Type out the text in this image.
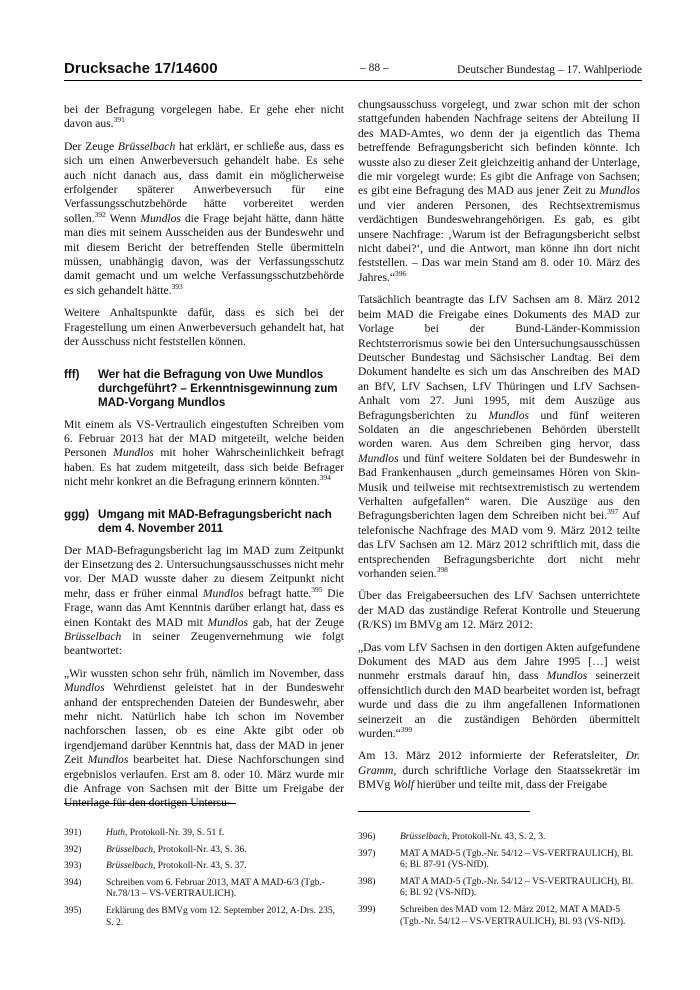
Drucksache 17/14600	– 88 –	Deutscher Bundestag – 17. Wahlperiode

bei der Befragung vorgelegen habe. Er gehe eher nicht davon aus.$^{391}$

Der Zeuge Brüsselbach hat erklärt, er schließe aus, dass es sich um einen Anwerbeversuch gehandelt habe. Es sehe auch nicht danach aus, dass damit ein möglicherweise erfolgender späterer Anwerbeversuch für eine Verfassungsschutzbehörde hätte vorbereitet werden sollen.$^{392}$ Wenn Mundlos die Frage bejaht hätte, dann hätte man dies mit seinem Ausscheiden aus der Bundeswehr und mit diesem Bericht der betreffenden Stelle übermitteln müssen, unabhängig davon, was der Verfassungsschutz damit gemacht und um welche Verfassungsschutzbehörde es sich gehandelt hätte.$^{393}$

Weitere Anhaltspunkte dafür, dass es sich bei der Fragestellung um einen Anwerbeversuch gehandelt hat, hat der Ausschuss nicht feststellen können.

fff)	Wer hat die Befragung von Uwe Mundlos durchgeführt? – Erkenntnisgewinnung zum MAD-Vorgang Mundlos

Mit einem als VS-Vertraulich eingestuften Schreiben vom 6. Februar 2013 hat der MAD mitgeteilt, welche beiden Personen Mundlos mit hoher Wahrscheinlichkeit befragt haben. Es hat zudem mitgeteilt, dass sich beide Befrager nicht mehr konkret an die Befragung erinnern könnten.$^{394}$

ggg) Umgang mit MAD-Befragungsbericht nach dem 4. November 2011

Der MAD-Befragungsbericht lag im MAD zum Zeitpunkt der Einsetzung des 2. Untersuchungsausschusses nicht mehr vor. Der MAD wusste daher zu diesem Zeitpunkt nicht mehr, dass er früher einmal Mundlos befragt hatte.$^{395}$ Die Frage, wann das Amt Kenntnis darüber erlangt hat, dass es einen Kontakt des MAD mit Mundlos gab, hat der Zeuge Brüsselbach in seiner Zeugenvernehmung wie folgt beantwortet:

„Wir wussten schon sehr früh, nämlich im November, dass Mundlos Wehrdienst geleistet hat in der Bundeswehr anhand der entsprechenden Dateien der Bundeswehr, aber mehr nicht. Natürlich habe ich schon im November nachforschen lassen, ob es eine Akte gibt oder ob irgendjemand darüber Kenntnis hat, dass der MAD in jener Zeit Mundlos bearbeitet hat. Diese Nachforschungen sind ergebnislos verlaufen. Erst am 8. oder 10. März wurde mir die Anfrage von Sachsen mit der Bitte um Freigabe der Unterlage für den dortigen Untersu-

chungsausschuss vorgelegt, und zwar schon mit der schon stattgefunden habenden Nachfrage seitens der Abteilung II des MAD-Amtes, wo denn der ja eigentlich das Thema betreffende Befragungsbericht sich befinden könnte. Ich wusste also zu dieser Zeit gleichzeitig anhand der Unterlage, die mir vorgelegt wurde: Es gibt die Anfrage von Sachsen; es gibt eine Befragung des MAD aus jener Zeit zu Mundlos und vier anderen Personen, des Rechtsextremismus verdächtigen Bundeswehrangehörigen. Es gab, es gibt unsere Nachfrage: ‚Warum ist der Befragungsbericht selbst nicht dabei?‘, und die Antwort, man könne ihn dort nicht feststellen. – Das war mein Stand am 8. oder 10. März des Jahres.“$^{396}$

Tatsächlich beantragte das LfV Sachsen am 8. März 2012 beim MAD die Freigabe eines Dokuments des MAD zur Vorlage bei der Bund-Länder-Kommission Rechtsterrorismus sowie bei den Untersuchungsausschüssen Deutscher Bundestag und Sächsischer Landtag. Bei dem Dokument handelte es sich um das Anschreiben des MAD an BfV, LfV Sachsen, LfV Thüringen und LfV Sachsen-Anhalt vom 27. Juni 1995, mit dem Auszüge aus Befragungsberichten zu Mundlos und fünf weiteren Soldaten an die angeschriebenen Behörden überstellt worden waren. Aus dem Schreiben ging hervor, dass Mundlos und fünf weitere Soldaten bei der Bundeswehr in Bad Frankenhausen „durch gemeinsames Hören von Skin-Musik und teilweise mit rechtsextremistisch zu wertendem Verhalten aufgefallen“ waren. Die Auszüge aus den Befragungsberichten lagen dem Schreiben nicht bei.$^{397}$ Auf telefonische Nachfrage des MAD vom 9. März 2012 teilte das LfV Sachsen am 12. März 2012 schriftlich mit, dass die entsprechenden Befragungsberichte dort nicht mehr vorhanden seien.$^{398}$

Über das Freigabeersuchen des LfV Sachsen unterrichtete der MAD das zuständige Referat Kontrolle und Steuerung (R/KS) im BMVg am 12. März 2012:

„Das vom LfV Sachsen in den dortigen Akten aufgefundene Dokument des MAD aus dem Jahre 1995 […] weist nunmehr erstmals darauf hin, dass Mundlos seinerzeit offensichtlich durch den MAD bearbeitet worden ist, befragt wurde und dass die zu ihm angefallenen Informationen seinerzeit an die zuständigen Behörden übermittelt wurden.“$^{399}$

Am 13. März 2012 informierte der Referatsleiter, Dr. Gramm, durch schriftliche Vorlage den Staatssekretär im BMVg Wolf hierüber und teilte mit, dass der Freigabe

391)	Huth, Protokoll-Nr. 39, S. 51 f.
392)	Brüsselbach, Protokoll-Nr. 43, S. 36.
393)	Brüsselbach, Protokoll-Nr. 43, S. 37.
394)	Schreiben vom 6. Februar 2013, MAT A MAD-6/3 (Tgb.-Nr.78/13 – VS-VERTRAULICH).
395)	Erklärung des BMVg vom 12. September 2012, A-Drs. 235, S. 2.
396)	Brüsselbach, Protokoll-Nr. 43, S. 2, 3.
397)	MAT A MAD-5 (Tgb.-Nr. 54/12 – VS-VERTRAULICH), Bl. 6; Bl. 87-91 (VS-NfD).
398)	MAT A MAD-5 (Tgb.-Nr. 54/12 – VS-VERTRAULICH), Bl. 6; Bl. 92 (VS-NfD).
399)	Schreiben des MAD vom 12. März 2012, MAT A MAD-5 (Tgb.-Nr. 54/12 – VS-VERTRAULICH), Bl. 93 (VS-NfD).
